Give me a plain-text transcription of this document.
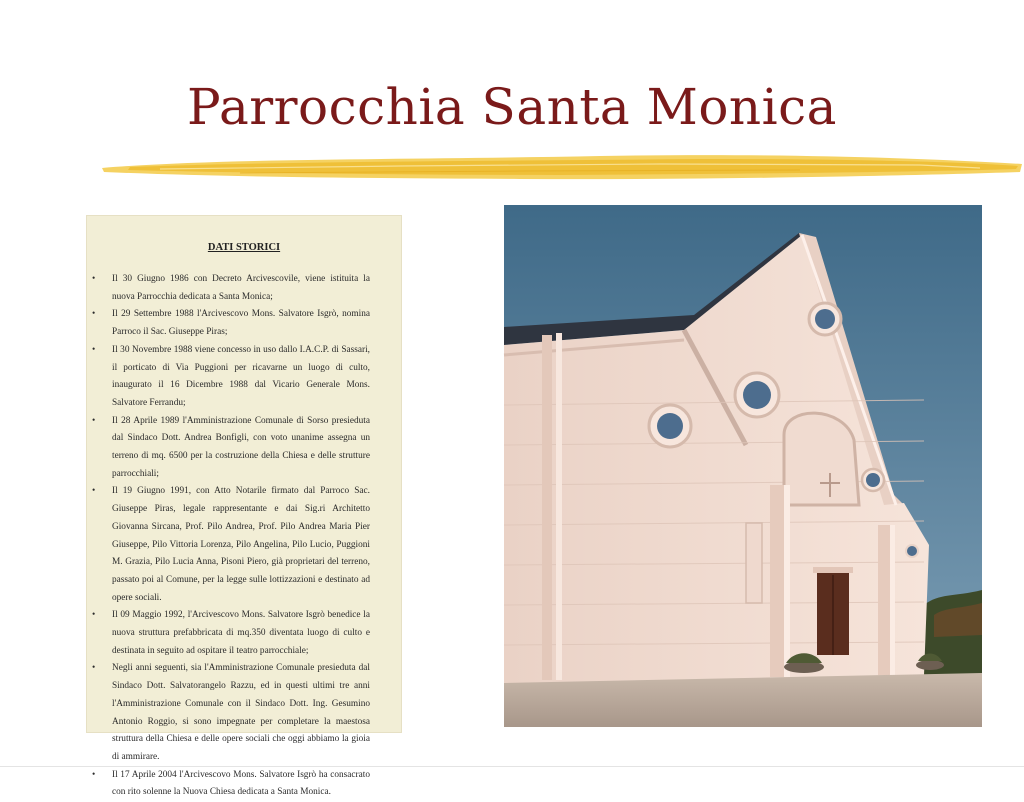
Parrocchia Santa Monica
DATI STORICI
• Il 30 Giugno 1986 con Decreto Arcivescovile, viene istituita la nuova Parrocchia dedicata a Santa Monica;
• Il 29 Settembre 1988 l'Arcivescovo Mons. Salvatore Isgrò, nomina Parroco il Sac. Giuseppe Piras;
• Il 30 Novembre 1988 viene concesso in uso dallo I.A.C.P. di Sassari, il porticato di Via Puggioni per ricavarne un luogo di culto, inaugurato il 16 Dicembre 1988 dal Vicario Generale Mons. Salvatore Ferrandu;
• Il 28 Aprile 1989 l'Amministrazione Comunale di Sorso presieduta dal Sindaco Dott. Andrea Bonfigli, con voto unanime assegna un terreno di mq. 6500 per la costruzione della Chiesa e delle strutture parrocchiali;
• Il 19 Giugno 1991, con Atto Notarile firmato dal Parroco Sac. Giuseppe Piras, legale rappresentante e dai Sig.ri Architetto Giovanna Sircana, Prof. Pilo Andrea, Prof. Pilo Andrea Maria Pier Giuseppe, Pilo Vittoria Lorenza, Pilo Angelina, Pilo Lucio, Puggioni M. Grazia, Pilo Lucia Anna, Pisoni Piero, già proprietari del terreno, passato poi al Comune, per la legge sulle lottizzazioni e destinato ad opere sociali.
• Il 09 Maggio 1992, l'Arcivescovo Mons. Salvatore Isgrò benedice la nuova struttura prefabbricata di mq.350 diventata luogo di culto e destinata in seguito ad ospitare il teatro parrocchiale;
• Negli anni seguenti, sia l'Amministrazione Comunale presieduta dal Sindaco Dott. Salvatorangelo Razzu, ed in questi ultimi tre anni l'Amministrazione Comunale con il Sindaco Dott. Ing. Gesumino Antonio Roggio, si sono impegnate per completare la maestosa struttura della Chiesa e delle opere sociali che oggi abbiamo la gioia di ammirare.
• Il 17 Aprile 2004 l'Arcivescovo Mons. Salvatore Isgrò ha consacrato con rito solenne la Nuova Chiesa dedicata a Santa Monica.
